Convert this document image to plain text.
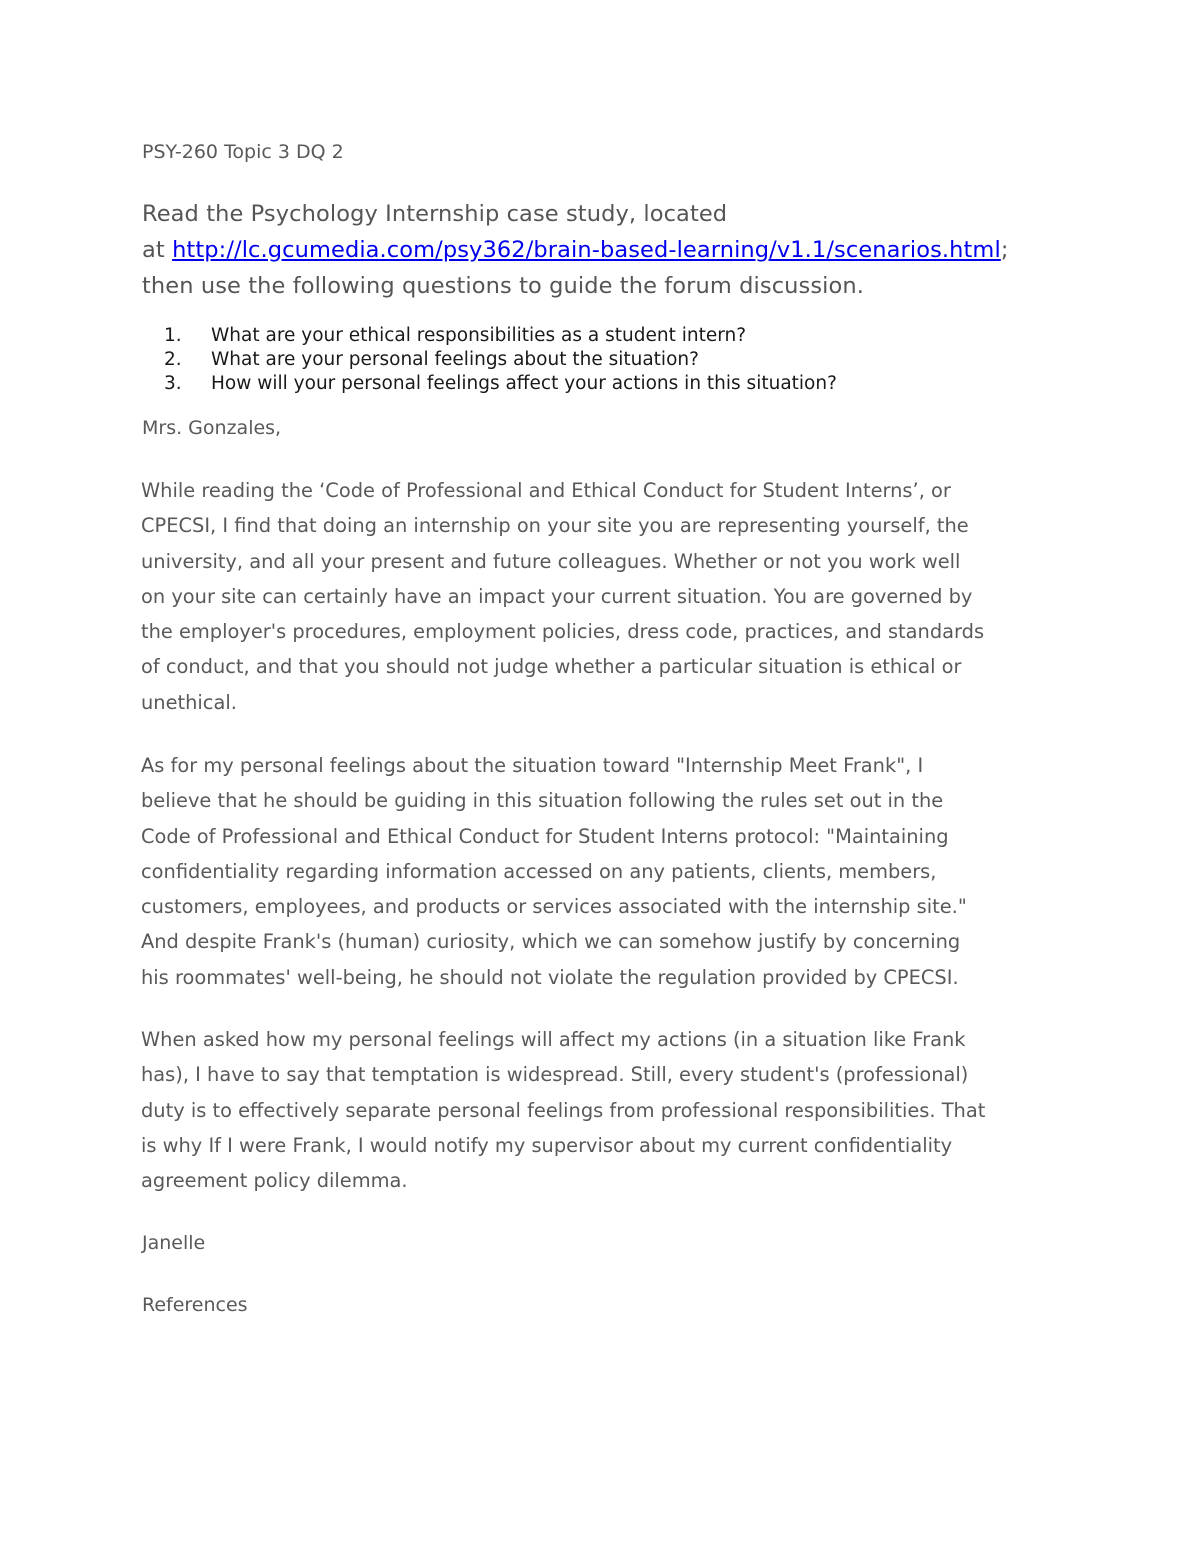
PSY-260 Topic 3 DQ 2
Read the Psychology Internship case study, located
at http://lc.gcumedia.com/psy362/brain-based-learning/v1.1/scenarios.html;
then use the following questions to guide the forum discussion.
1. What are your ethical responsibilities as a student intern?
2. What are your personal feelings about the situation?
3. How will your personal feelings affect your actions in this situation?
Mrs. Gonzales,
While reading the ‘Code of Professional and Ethical Conduct for Student Interns’, or
CPECSI, I find that doing an internship on your site you are representing yourself, the
university, and all your present and future colleagues. Whether or not you work well
on your site can certainly have an impact your current situation. You are governed by
the employer's procedures, employment policies, dress code, practices, and standards
of conduct, and that you should not judge whether a particular situation is ethical or
unethical.
As for my personal feelings about the situation toward "Internship Meet Frank", I
believe that he should be guiding in this situation following the rules set out in the
Code of Professional and Ethical Conduct for Student Interns protocol: "Maintaining
confidentiality regarding information accessed on any patients, clients, members,
customers, employees, and products or services associated with the internship site."
And despite Frank's (human) curiosity, which we can somehow justify by concerning
his roommates' well-being, he should not violate the regulation provided by CPECSI.
When asked how my personal feelings will affect my actions (in a situation like Frank
has), I have to say that temptation is widespread. Still, every student's (professional)
duty is to effectively separate personal feelings from professional responsibilities. That
is why If I were Frank, I would notify my supervisor about my current confidentiality
agreement policy dilemma.
Janelle
References
